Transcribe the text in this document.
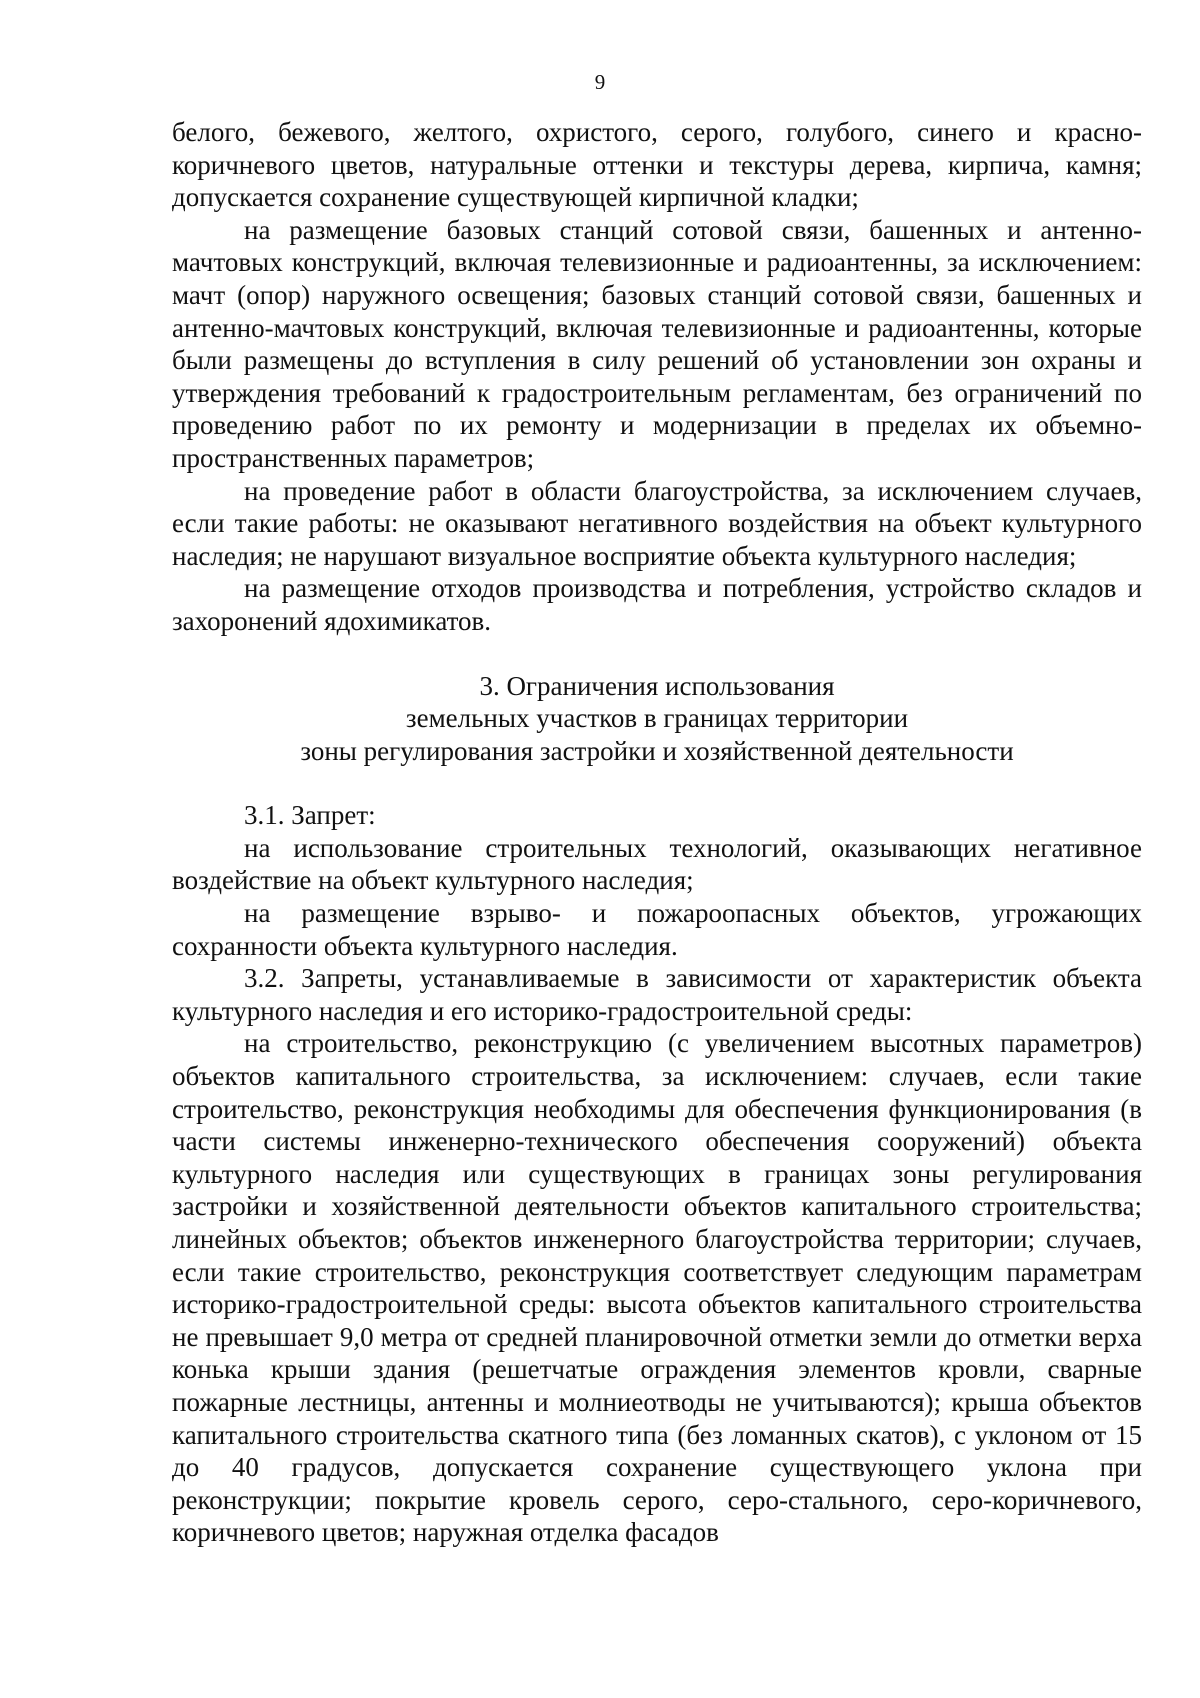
9

белого, бежевого, желтого, охристого, серого, голубого, синего и красно-коричневого цветов, натуральные оттенки и текстуры дерева, кирпича, камня; допускается сохранение существующей кирпичной кладки;

на размещение базовых станций сотовой связи, башенных и антенно-мачтовых конструкций, включая телевизионные и радиоантенны, за исключением: мачт (опор) наружного освещения; базовых станций сотовой связи, башенных и антенно-мачтовых конструкций, включая телевизионные и радиоантенны, которые были размещены до вступления в силу решений об установлении зон охраны и утверждения требований к градостроительным регламентам, без ограничений по проведению работ по их ремонту и модернизации в пределах их объемно-пространственных параметров;

на проведение работ в области благоустройства, за исключением случаев, если такие работы: не оказывают негативного воздействия на объект культурного наследия; не нарушают визуальное восприятие объекта культурного наследия;

на размещение отходов производства и потребления, устройство складов и захоронений ядохимикатов.

3. Ограничения использования
земельных участков в границах территории
зоны регулирования застройки и хозяйственной деятельности

3.1. Запрет:

на использование строительных технологий, оказывающих негативное воздействие на объект культурного наследия;

на размещение взрыво- и пожароопасных объектов, угрожающих сохранности объекта культурного наследия.

3.2. Запреты, устанавливаемые в зависимости от характеристик объекта культурного наследия и его историко-градостроительной среды:

на строительство, реконструкцию (с увеличением высотных параметров) объектов капитального строительства, за исключением: случаев, если такие строительство, реконструкция необходимы для обеспечения функционирования (в части системы инженерно-технического обеспечения сооружений) объекта культурного наследия или существующих в границах зоны регулирования застройки и хозяйственной деятельности объектов капитального строительства; линейных объектов; объектов инженерного благоустройства территории; случаев, если такие строительство, реконструкция соответствует следующим параметрам историко-градостроительной среды: высота объектов капитального строительства не превышает 9,0 метра от средней планировочной отметки земли до отметки верха конька крыши здания (решетчатые ограждения элементов кровли, сварные пожарные лестницы, антенны и молниеотводы не учитываются); крыша объектов капитального строительства скатного типа (без ломанных скатов), с уклоном от 15 до 40 градусов, допускается сохранение существующего уклона при реконструкции; покрытие кровель серого, серо-стального, серо-коричневого, коричневого цветов; наружная отделка фасадов
